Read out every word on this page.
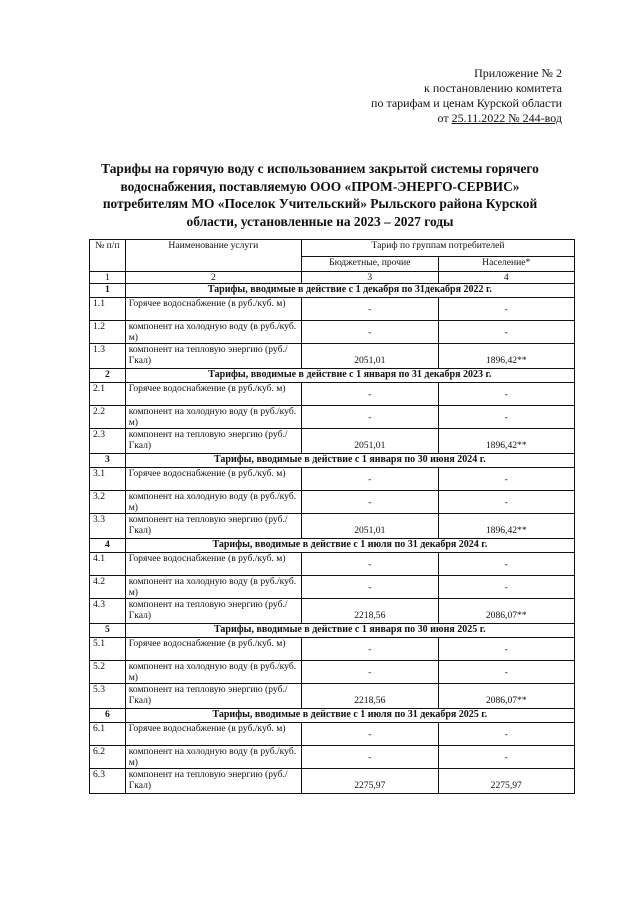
Приложение № 2
к постановлению комитета
по тарифам и ценам Курской области
от 25.11.2022 № 244-вод
Тарифы на горячую воду с использованием закрытой системы горячего
водоснабжения, поставляемую ООО «ПРОМ-ЭНЕРГО-СЕРВИС»
потребителям МО «Поселок Учительский» Рыльского района Курской
области, установленные на 2023 – 2027 годы
№ п/п	Наименование услуги	Тариф по группам потребителей	
		Бюджетные, прочие	Население*
1	2	3	4
1	Тарифы, вводимые в действие с 1 декабря по 31декабря 2022 г.		
1.1	Горячее водоснабжение (в руб./куб. м)	-	-
1.2	компонент на холодную воду (в руб./куб. м)	-	-
1.3	компонент на тепловую энергию (руб./Гкал)	2051,01	1896,42**
2	Тарифы, вводимые в действие с 1 января по 31 декабря 2023 г.		
2.1	Горячее водоснабжение (в руб./куб. м)	-	-
2.2	компонент на холодную воду (в руб./куб. м)	-	-
2.3	компонент на тепловую энергию (руб./Гкал)	2051,01	1896,42**
3	Тарифы, вводимые в действие с 1 января по 30 июня 2024 г.		
3.1	Горячее водоснабжение (в руб./куб. м)	-	-
3.2	компонент на холодную воду (в руб./куб. м)	-	-
3.3	компонент на тепловую энергию (руб./Гкал)	2051,01	1896,42**
4	Тарифы, вводимые в действие с 1 июля по 31 декабря 2024 г.		
4.1	Горячее водоснабжение (в руб./куб. м)	-	-
4.2	компонент на холодную воду (в руб./куб. м)	-	-
4.3	компонент на тепловую энергию (руб./Гкал)	2218,56	2086,07**
5	Тарифы, вводимые в действие с 1 января по 30 июня 2025 г.		
5.1	Горячее водоснабжение (в руб./куб. м)	-	-
5.2	компонент на холодную воду (в руб./куб. м)	-	-
5.3	компонент на тепловую энергию (руб./Гкал)	2218,56	2086,07**
6	Тарифы, вводимые в действие с 1 июля по 31 декабря 2025 г.		
6.1	Горячее водоснабжение (в руб./куб. м)	-	-
6.2	компонент на холодную воду (в руб./куб. м)	-	-
6.3	компонент на тепловую энергию (руб./Гкал)	2275,97	2275,97
